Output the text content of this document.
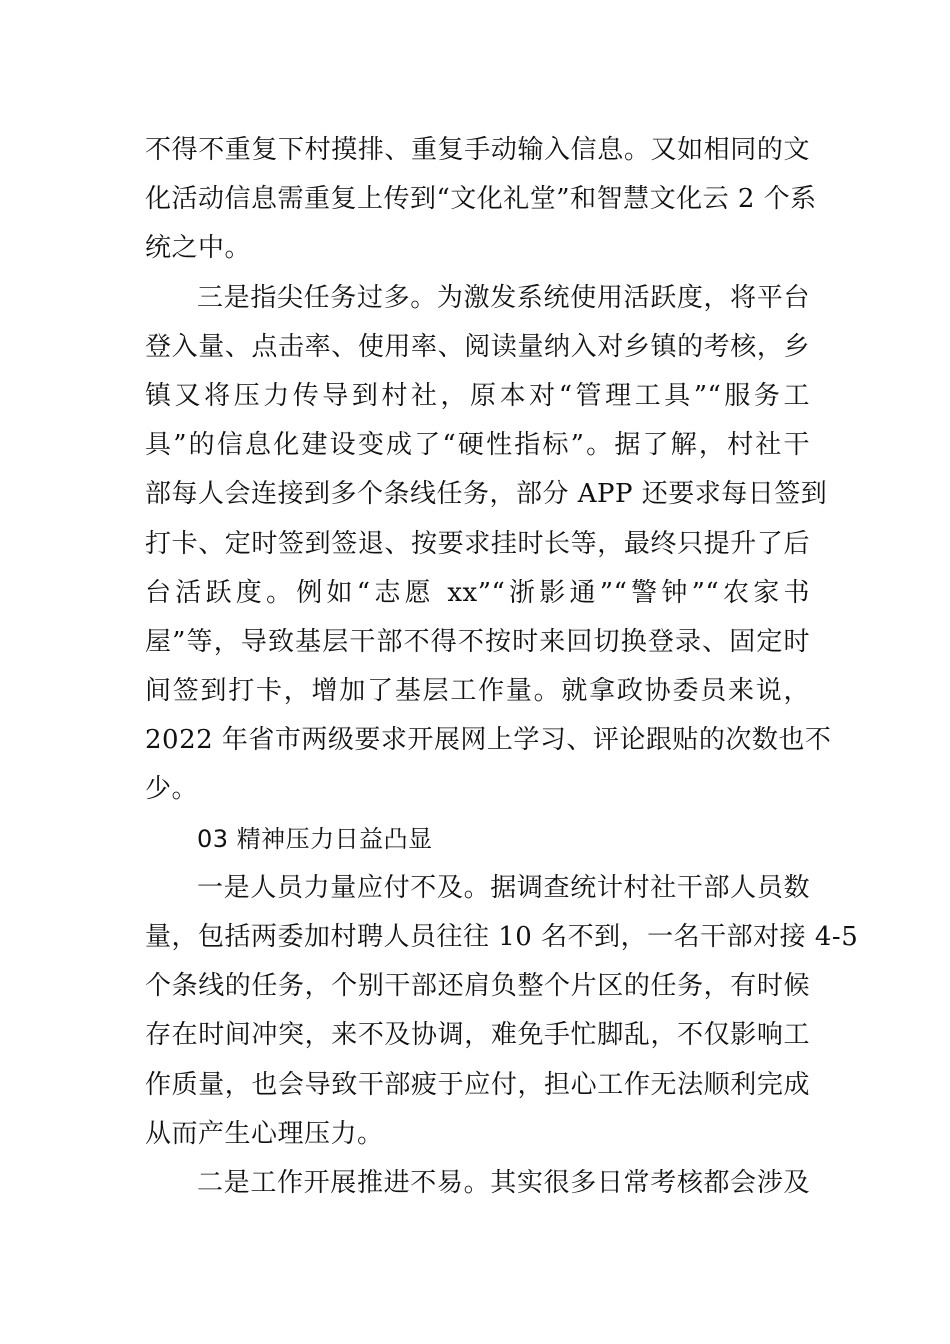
不得不重复下村摸排、重复手动输入信息。又如相同的文
化活动信息需重复上传到“文化礼堂”和智慧文化云 2 个系
统之中。
三是指尖任务过多。为激发系统使用活跃度，将平台
登入量、点击率、使用率、阅读量纳入对乡镇的考核，乡
镇又将压力传导到村社，原本对“管理工具”“服务工
具”的信息化建设变成了“硬性指标”。据了解，村社干
部每人会连接到多个条线任务，部分 APP 还要求每日签到
打卡、定时签到签退、按要求挂时长等，最终只提升了后
台活跃度。例如“志愿 xx”“浙影通”“警钟”“农家书
屋”等，导致基层干部不得不按时来回切换登录、固定时
间签到打卡，增加了基层工作量。就拿政协委员来说，
2022 年省市两级要求开展网上学习、评论跟贴的次数也不
少。
03 精神压力日益凸显
一是人员力量应付不及。据调查统计村社干部人员数
量，包括两委加村聘人员往往 10 名不到，一名干部对接 4-5
个条线的任务，个别干部还肩负整个片区的任务，有时候
存在时间冲突，来不及协调，难免手忙脚乱，不仅影响工
作质量，也会导致干部疲于应付，担心工作无法顺利完成
从而产生心理压力。
二是工作开展推进不易。其实很多日常考核都会涉及
